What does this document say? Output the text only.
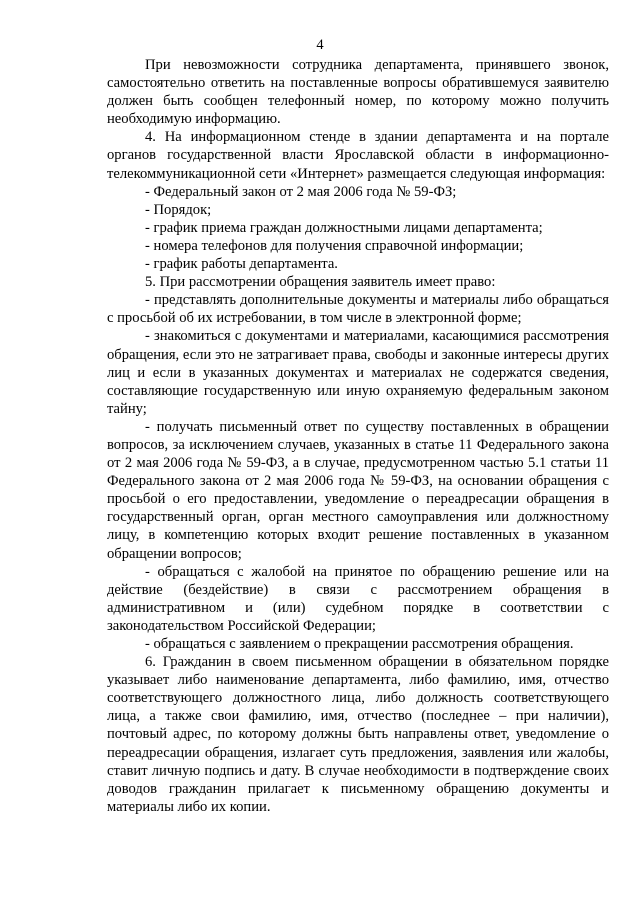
4

При невозможности сотрудника департамента, принявшего звонок, самостоятельно ответить на поставленные вопросы обратившемуся заявителю должен быть сообщен телефонный номер, по которому можно получить необходимую информацию.

4. На информационном стенде в здании департамента и на портале органов государственной власти Ярославской области в информационно-телекоммуникационной сети «Интернет» размещается следующая информация:

- Федеральный закон от 2 мая 2006 года № 59-ФЗ;

- Порядок;

- график приема граждан должностными лицами департамента;

- номера телефонов для получения справочной информации;

- график работы департамента.

5. При рассмотрении обращения заявитель имеет право:

- представлять дополнительные документы и материалы либо обращаться с просьбой об их истребовании, в том числе в электронной форме;

- знакомиться с документами и материалами, касающимися рассмотрения обращения, если это не затрагивает права, свободы и законные интересы других лиц и если в указанных документах и материалах не содержатся сведения, составляющие государственную или иную охраняемую федеральным законом тайну;

- получать письменный ответ по существу поставленных в обращении вопросов, за исключением случаев, указанных в статье 11 Федерального закона от 2 мая 2006 года № 59-ФЗ, а в случае, предусмотренном частью 5.1 статьи 11 Федерального закона от 2 мая 2006 года № 59-ФЗ, на основании обращения с просьбой о его предоставлении, уведомление о переадресации обращения в государственный орган, орган местного самоуправления или должностному лицу, в компетенцию которых входит решение поставленных в указанном обращении вопросов;

- обращаться с жалобой на принятое по обращению решение или на действие (бездействие) в связи с рассмотрением обращения в административном и (или) судебном порядке в соответствии с законодательством Российской Федерации;

- обращаться с заявлением о прекращении рассмотрения обращения.

6. Гражданин в своем письменном обращении в обязательном порядке указывает либо наименование департамента, либо фамилию, имя, отчество соответствующего должностного лица, либо должность соответствующего лица, а также свои фамилию, имя, отчество (последнее – при наличии), почтовый адрес, по которому должны быть направлены ответ, уведомление о переадресации обращения, излагает суть предложения, заявления или жалобы, ставит личную подпись и дату. В случае необходимости в подтверждение своих доводов гражданин прилагает к письменному обращению документы и материалы либо их копии.
